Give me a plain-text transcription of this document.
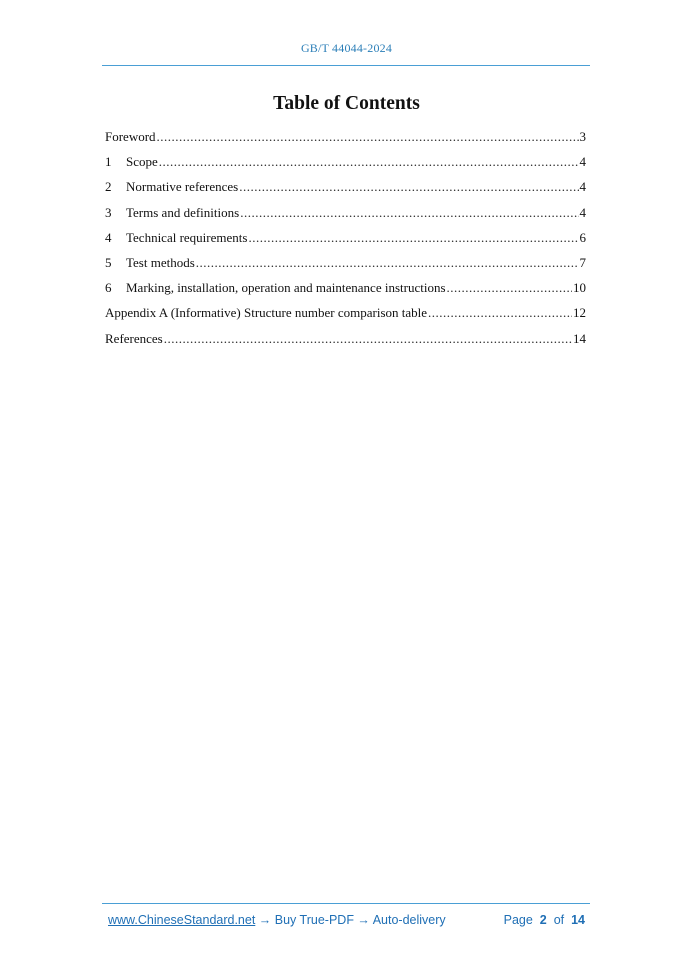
GB/T 44044-2024
Table of Contents
Foreword .....	3
1	Scope .....	4
2	Normative references .....	4
3	Terms and definitions .....	4
4	Technical requirements .....	6
5	Test methods .....	7
6	Marking, installation, operation and maintenance instructions .....	10
Appendix A (Informative) Structure number comparison table .....	12
References .....	14
www.ChineseStandard.net → Buy True-PDF → Auto-delivery	Page 2 of 14
